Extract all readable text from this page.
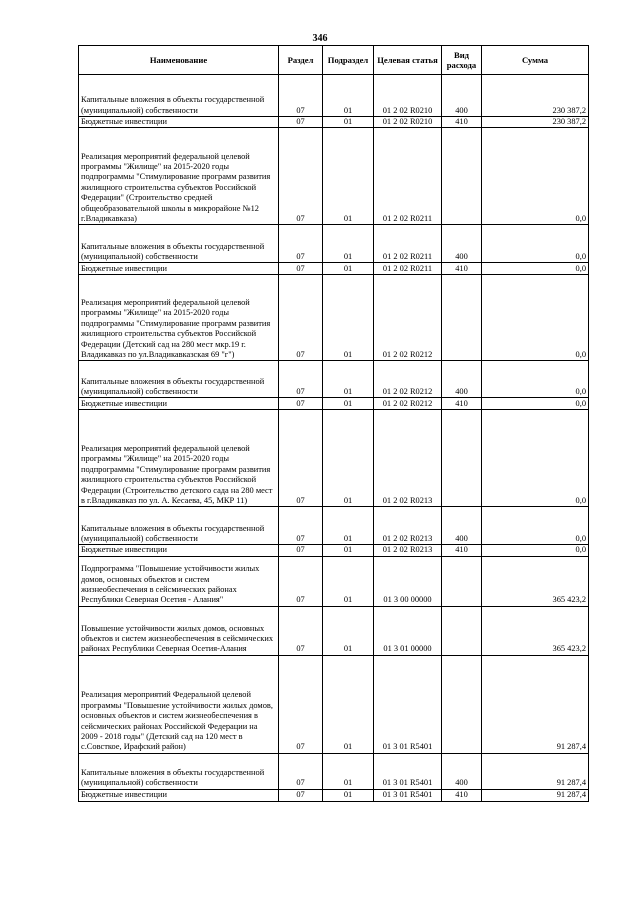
346
Наименование	Раздел	Подраздел	Целевая статья	Вид расхода	Сумма
Капитальные вложения в объекты государственной (муниципальной) собственности	07	01	01 2 02 R0210	400	230 387,2
Бюджетные инвестиции	07	01	01 2 02 R0210	410	230 387,2
Реализация мероприятий федеральной целевой программы "Жилище" на 2015-2020 годы подпрограммы "Стимулирование программ развития жилищного строительства субъектов Российской Федерации" (Строительство средней общеобразовательной школы в микрорайоне №12 г.Владикавказа)	07	01	01 2 02 R0211		0,0
Капитальные вложения в объекты государственной (муниципальной) собственности	07	01	01 2 02 R0211	400	0,0
Бюджетные инвестиции	07	01	01 2 02 R0211	410	0,0
Реализация мероприятий федеральной целевой программы "Жилище" на 2015-2020 годы подпрограммы "Стимулирование программ развития жилищного строительства субъектов Российской Федерации (Детский сад на 280 мест мкр.19 г. Владикавказ по ул.Владикавказская 69 "г")	07	01	01 2 02 R0212		0,0
Капитальные вложения в объекты государственной (муниципальной) собственности	07	01	01 2 02 R0212	400	0,0
Бюджетные инвестиции	07	01	01 2 02 R0212	410	0,0
Реализация мероприятий федеральной целевой программы "Жилище" на 2015-2020 годы подпрограммы "Стимулирование программ развития жилищного строительства субъектов Российской Федерации (Строительство детского сада на 280 мест в г.Владикавказ по ул. А. Кесаева, 45, МКР 11)	07	01	01 2 02 R0213		0,0
Капитальные вложения в объекты государственной (муниципальной) собственности	07	01	01 2 02 R0213	400	0,0
Бюджетные инвестиции	07	01	01 2 02 R0213	410	0,0
Подпрограмма "Повышение устойчивости жилых домов, основных объектов и систем жизнеобеспечения в сейсмических районах Республики Северная Осетия - Алания"	07	01	01 3 00 00000		365 423,2
Повышение устойчивости жилых домов, основных объектов и систем жизнеобеспечения в сейсмических районах Республики Северная Осетия-Алания	07	01	01 3 01 00000		365 423,2
Реализация мероприятий Федеральной целевой программы "Повышение устойчивости жилых домов, основных объектов и систем жизнеобеспечения в сейсмических районах Российской Федерации на 2009 - 2018 годы" (Детский сад на 120 мест в с.Совсткое, Ирафский район)	07	01	01 3 01 R5401		91 287,4
Капитальные вложения в объекты государственной (муниципальной) собственности	07	01	01 3 01 R5401	400	91 287,4
Бюджетные инвестиции	07	01	01 3 01 R5401	410	91 287,4
